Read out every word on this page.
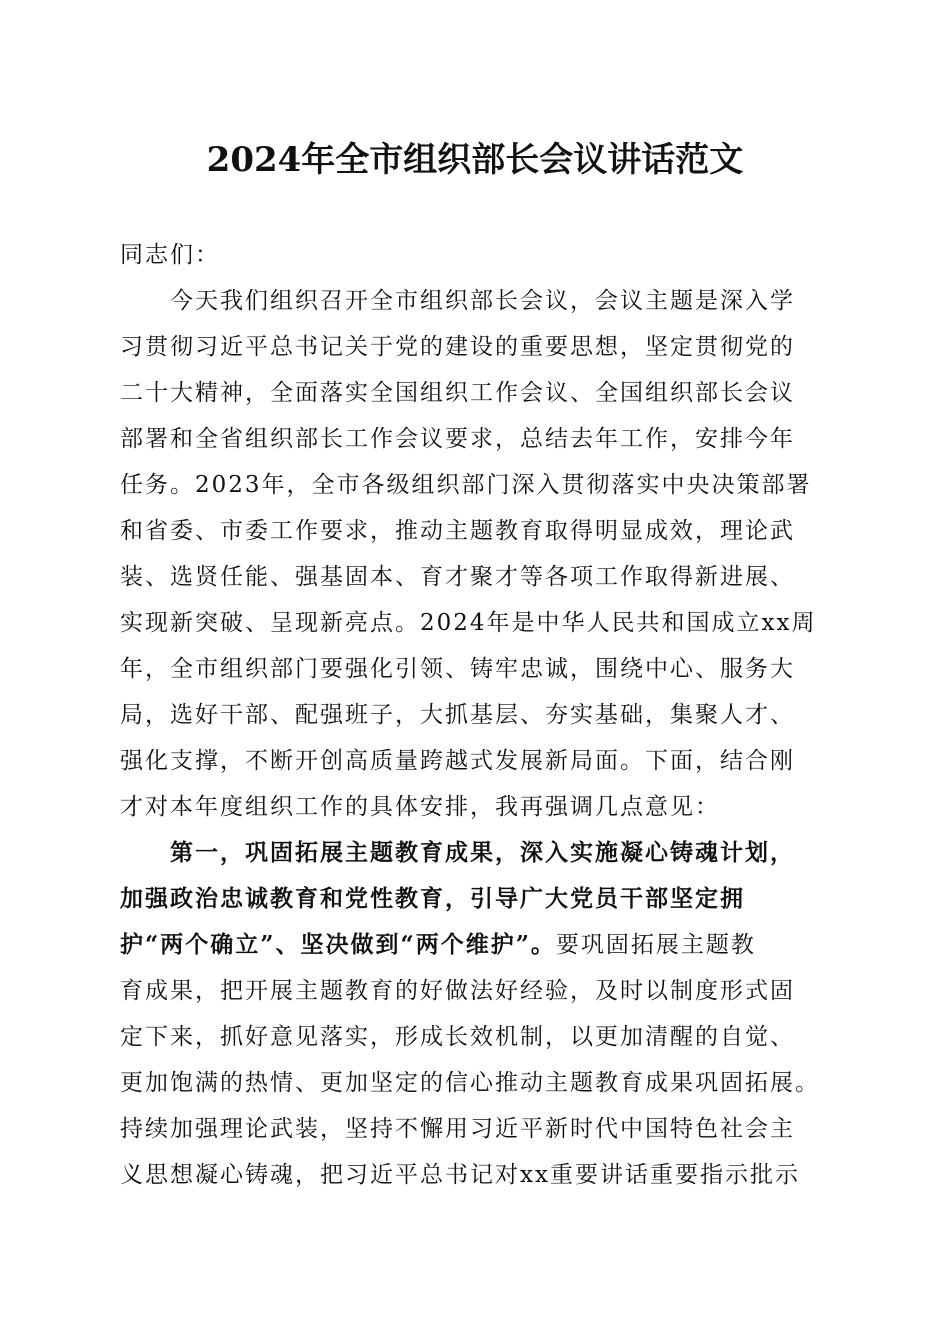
2024年全市组织部长会议讲话范文
同志们：
　　今天我们组织召开全市组织部长会议，会议主题是深入学
习贯彻习近平总书记关于党的建设的重要思想，坚定贯彻党的
二十大精神，全面落实全国组织工作会议、全国组织部长会议
部署和全省组织部长工作会议要求，总结去年工作，安排今年
任务。2023年，全市各级组织部门深入贯彻落实中央决策部署
和省委、市委工作要求，推动主题教育取得明显成效，理论武
装、选贤任能、强基固本、育才聚才等各项工作取得新进展、
实现新突破、呈现新亮点。2024年是中华人民共和国成立xx周
年，全市组织部门要强化引领、铸牢忠诚，围绕中心、服务大
局，选好干部、配强班子，大抓基层、夯实基础，集聚人才、
强化支撑，不断开创高质量跨越式发展新局面。下面，结合刚
才对本年度组织工作的具体安排，我再强调几点意见：
　　第一，巩固拓展主题教育成果，深入实施凝心铸魂计划，
加强政治忠诚教育和党性教育，引导广大党员干部坚定拥
护“两个确立”、坚决做到“两个维护”。要巩固拓展主题教
育成果，把开展主题教育的好做法好经验，及时以制度形式固
定下来，抓好意见落实，形成长效机制，以更加清醒的自觉、
更加饱满的热情、更加坚定的信心推动主题教育成果巩固拓展。
持续加强理论武装，坚持不懈用习近平新时代中国特色社会主
义思想凝心铸魂，把习近平总书记对xx重要讲话重要指示批示
